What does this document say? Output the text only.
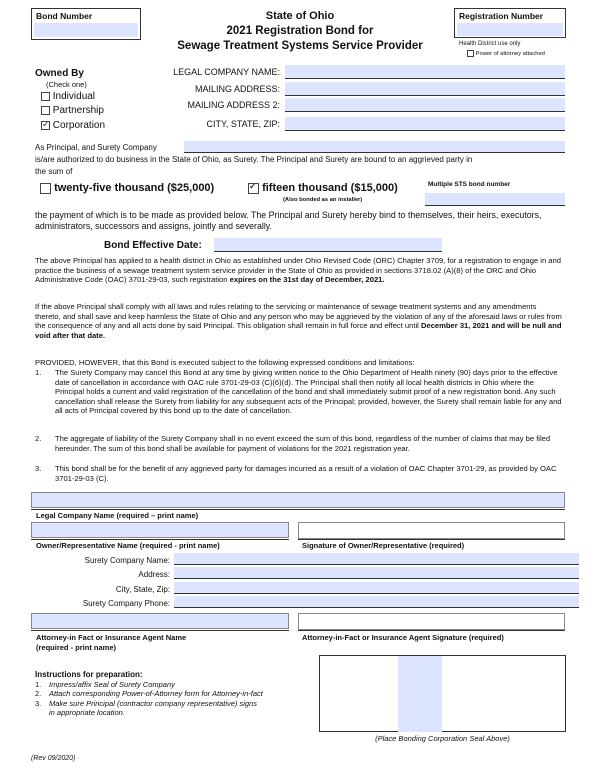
Bond Number	State of Ohio
2021 Registration Bond for
Sewage Treatment Systems Service Provider
Registration Number
Health District use only
Power of attorney attached
Owned By
(Check one)
Individual
Partnership
✓ Corporation
LEGAL COMPANY NAME:
MAILING ADDRESS:
MAILING ADDRESS 2:
CITY, STATE, ZIP:
As Principal, and Surety Company
is/are authorized to do business in the State of Ohio, as Surety. The Principal and Surety are bound to an aggrieved party in
the sum of
twenty-five thousand ($25,000)
✓	fifteen thousand ($15,000)
(Also bonded as an installer)
Multiple STS bond number
the payment of which is to be made as provided below. The Principal and Surety hereby bind to themselves, their heirs, executors, administrators, successors and assigns, jointly and severally.
Bond Effective Date:
The above Principal has applied to a health district in Ohio as established under Ohio Revised Code (ORC) Chapter 3709, for a registration to engage in and practice the business of a sewage treatment system service provider in the State of Ohio as provided in sections 3718.02 (A)(8) of the ORC and Ohio Administrative Code (OAC) 3701-29-03, such registration expires on the 31st day of December, 2021.
If the above Principal shall comply with all laws and rules relating to the servicing or maintenance of sewage treatment systems and any amendments thereto, and shall save and keep harmless the State of Ohio and any person who may be aggrieved by the violation of any of the aforesaid laws or rules from the consequence of any and all acts done by said Principal. This obligation shall remain in full force and effect until December 31, 2021 and will be null and void after that date.
PROVIDED, HOWEVER, that this Bond is executed subject to the following expressed conditions and limitations:
1.	The Surety Company may cancel this Bond at any time by giving written notice to the Ohio Department of Health ninety (90) days prior to the effective date of cancellation in accordance with OAC rule 3701-29-03 (C)(6)(d). The Principal shall then notify all local health districts in Ohio where the Principal holds a current and valid registration of the cancellation of the bond and shall immediately submit proof of a new registration bond. Any such cancellation shall release the Surety from liability for any subsequent acts of the Principal; provided, however, the Surety shall remain liable for any and all acts of Principal covered by this bond up to the date of cancellation.
2.	The aggregate of liability of the Surety Company shall in no event exceed the sum of this bond, regardless of the number of claims that may be filed hereunder. The sum of this bond shall be available for payment of violations for the 2021 registration year.
3.	This bond shall be for the benefit of any aggrieved party for damages incurred as a result of a violation of OAC Chapter 3701-29, as provided by OAC 3701-29-03 (C).
Legal Company Name (required – print name)
Owner/Representative Name (required - print name)	Signature of Owner/Representative (required)
Surety Company Name:
Address:
City, State, Zip:
Surety Company Phone:
Attorney-in Fact or Insurance Agent Name
(required - print name)
Attorney-in-Fact or Insurance Agent Signature (required)
Instructions for preparation:
1.	Impress/affix Seal of Surety Company
2.	Attach corresponding Power-of-Attorney form for Attorney-in-fact
3.	Make sure Principal (contractor company representative) signs
in appropriate location.
(Place Bonding Corporation Seal Above)
(Rev 09/2020)
